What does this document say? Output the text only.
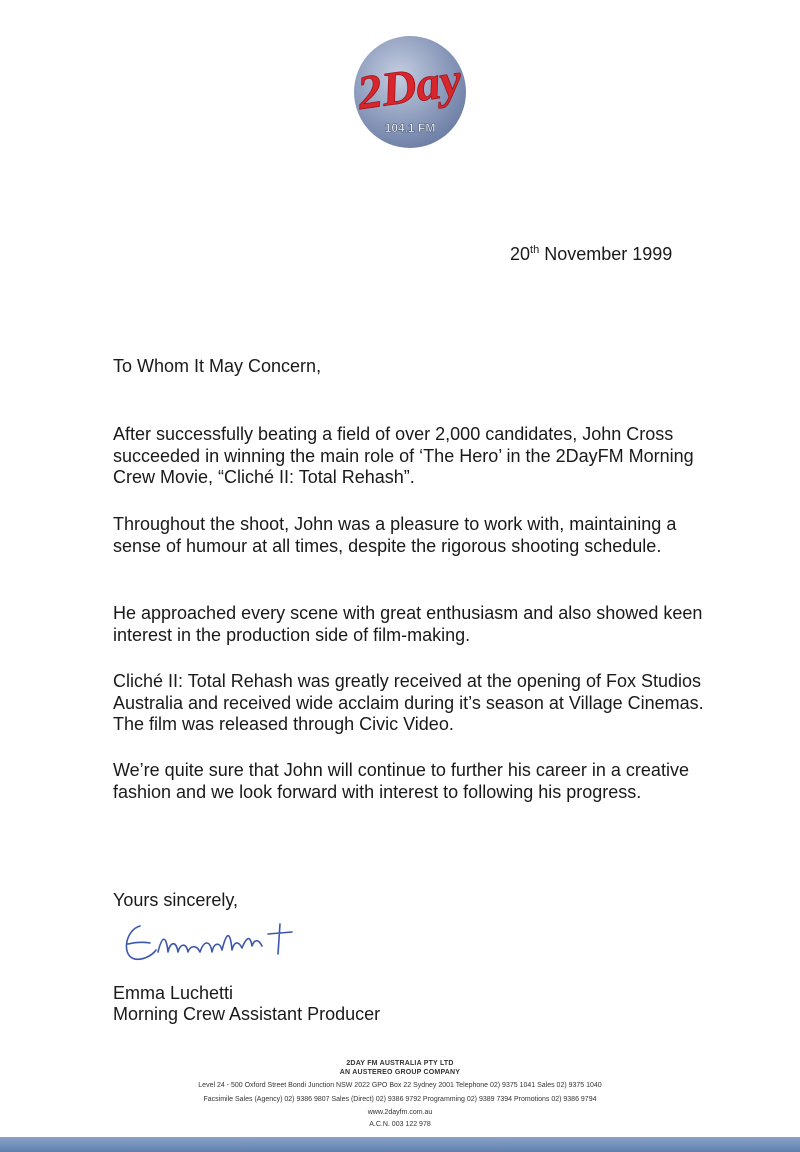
2Day
104.1 FM
20th November 1999
To Whom It May Concern,

After successfully beating a field of over 2,000 candidates, John Cross succeeded in winning the main role of ‘The Hero’ in the 2DayFM Morning Crew Movie, “Cliché II: Total Rehash”.

Throughout the shoot, John was a pleasure to work with, maintaining a sense of humour at all times, despite the rigorous shooting schedule.

He approached every scene with great enthusiasm and also showed keen interest in the production side of film-making.

Cliché II: Total Rehash was greatly received at the opening of Fox Studios Australia and received wide acclaim during it’s season at Village Cinemas. The film was released through Civic Video.

We’re quite sure that John will continue to further his career in a creative fashion and we look forward with interest to following his progress.

Yours sincerely,
Emma Luchetti
Morning Crew Assistant Producer
2DAY FM AUSTRALIA PTY LTD
AN AUSTEREO GROUP COMPANY
Level 24 - 500 Oxford Street Bondi Junction NSW 2022 GPO Box 22 Sydney 2001 Telephone 02) 9375 1041 Sales 02) 9375 1040
Facsimile Sales (Agency) 02) 9386 9807 Sales (Direct) 02) 9386 9792 Programming 02) 9389 7394 Promotions 02) 9386 9794
www.2dayfm.com.au
A.C.N. 003 122 978
